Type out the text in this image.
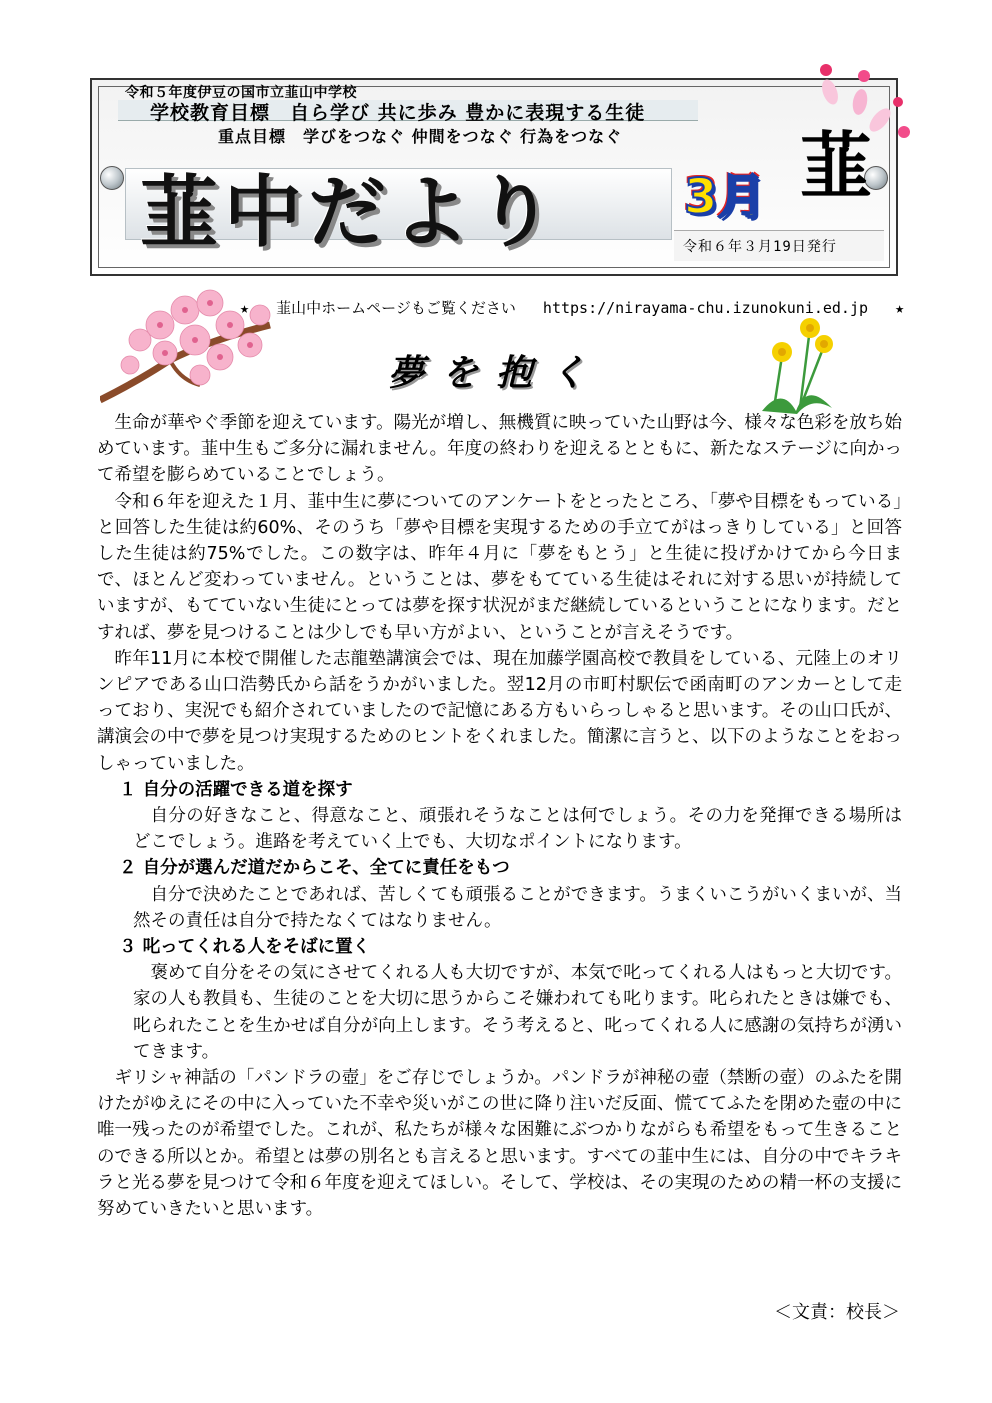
令和５年度伊豆の国市立韮山中学校
学校教育目標　自ら学び 共に歩み 豊かに表現する生徒
重点目標　学びをつなぐ 仲間をつなぐ 行為をつなぐ
韮中だより	3月 韮
令和６年３月19日発行
★ 韮山中ホームページもご覧ください https://nirayama-chu.izunokuni.ed.jp ★
夢を抱く

生命が華やぐ季節を迎えています。陽光が増し、無機質に映っていた山野は今、様々な色彩を放ち始めています。韮中生もご多分に漏れません。年度の終わりを迎えるとともに、新たなステージに向かって希望を膨らめていることでしょう。

令和６年を迎えた１月、韮中生に夢についてのアンケートをとったところ、「夢や目標をもっている」と回答した生徒は約60%、そのうち「夢や目標を実現するための手立てがはっきりしている」と回答した生徒は約75%でした。この数字は、昨年４月に「夢をもとう」と生徒に投げかけてから今日まで、ほとんど変わっていません。ということは、夢をもてている生徒はそれに対する思いが持続していますが、もてていない生徒にとっては夢を探す状況がまだ継続しているということになります。だとすれば、夢を見つけることは少しでも早い方がよい、ということが言えそうです。

昨年11月に本校で開催した志龍塾講演会では、現在加藤学園高校で教員をしている、元陸上のオリンピアである山口浩勢氏から話をうかがいました。翌12月の市町村駅伝で函南町のアンカーとして走っており、実況でも紹介されていましたので記憶にある方もいらっしゃると思います。その山口氏が、講演会の中で夢を見つけ実現するためのヒントをくれました。簡潔に言うと、以下のようなことをおっしゃっていました。

１ 自分の活躍できる道を探す
自分の好きなこと、得意なこと、頑張れそうなことは何でしょう。その力を発揮できる場所はどこでしょう。進路を考えていく上でも、大切なポイントになります。
２ 自分が選んだ道だからこそ、全てに責任をもつ
自分で決めたことであれば、苦しくても頑張ることができます。うまくいこうがいくまいが、当然その責任は自分で持たなくてはなりません。
３ 叱ってくれる人をそばに置く
褒めて自分をその気にさせてくれる人も大切ですが、本気で叱ってくれる人はもっと大切です。家の人も教員も、生徒のことを大切に思うからこそ嫌われても叱ります。叱られたときは嫌でも、叱られたことを生かせば自分が向上します。そう考えると、叱ってくれる人に感謝の気持ちが湧いてきます。

ギリシャ神話の「パンドラの壺」をご存じでしょうか。パンドラが神秘の壺（禁断の壺）のふたを開けたがゆえにその中に入っていた不幸や災いがこの世に降り注いだ反面、慌ててふたを閉めた壺の中に唯一残ったのが希望でした。これが、私たちが様々な困難にぶつかりながらも希望をもって生きることのできる所以とか。希望とは夢の別名とも言えると思います。すべての韮中生には、自分の中でキラキラと光る夢を見つけて令和６年度を迎えてほしい。そして、学校は、その実現のための精一杯の支援に努めていきたいと思います。

＜文責：校長＞
